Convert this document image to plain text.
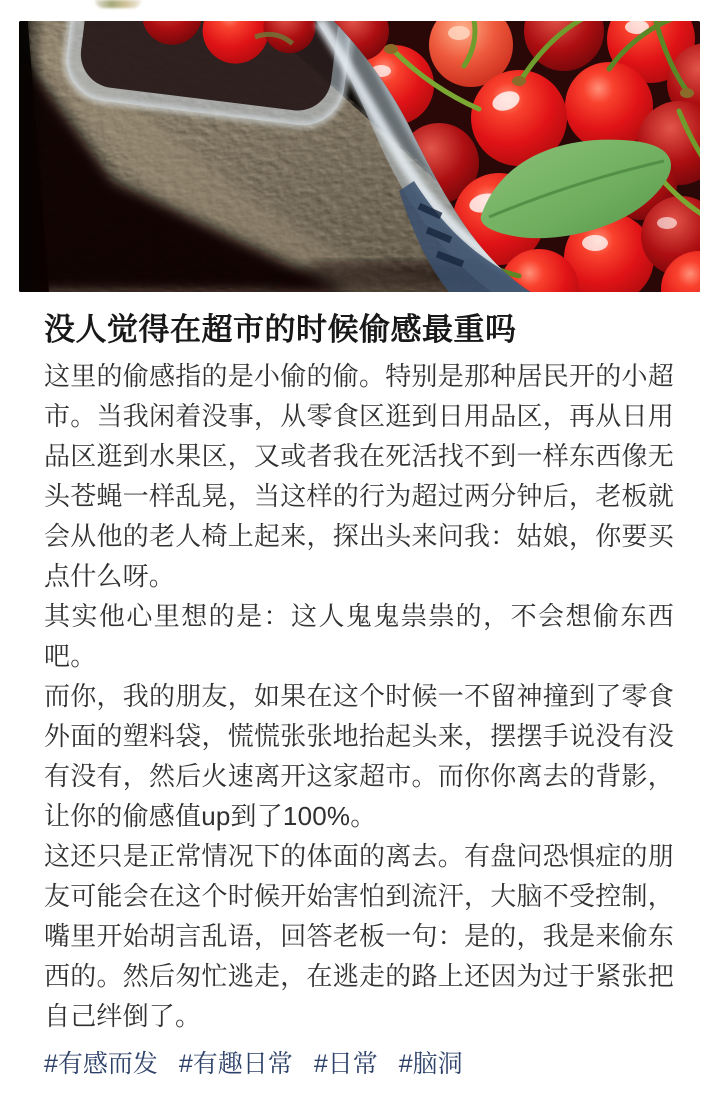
没人觉得在超市的时候偷感最重吗

这里的偷感指的是小偷的偷。特别是那种居民开的小超市。当我闲着没事，从零食区逛到日用品区，再从日用品区逛到水果区，又或者我在死活找不到一样东西像无头苍蝇一样乱晃，当这样的行为超过两分钟后，老板就会从他的老人椅上起来，探出头来问我：姑娘，你要买点什么呀。

其实他心里想的是：这人鬼鬼祟祟的，不会想偷东西吧。

而你，我的朋友，如果在这个时候一不留神撞到了零食外面的塑料袋，慌慌张张地抬起头来，摆摆手说没有没有没有，然后火速离开这家超市。而你你离去的背影，让你的偷感值up到了100%。

这还只是正常情况下的体面的离去。有盘问恐惧症的朋友可能会在这个时候开始害怕到流汗，大脑不受控制，嘴里开始胡言乱语，回答老板一句：是的，我是来偷东西的。然后匆忙逃走，在逃走的路上还因为过于紧张把自己绊倒了。

#有感而发 #有趣日常 #日常 #脑洞
